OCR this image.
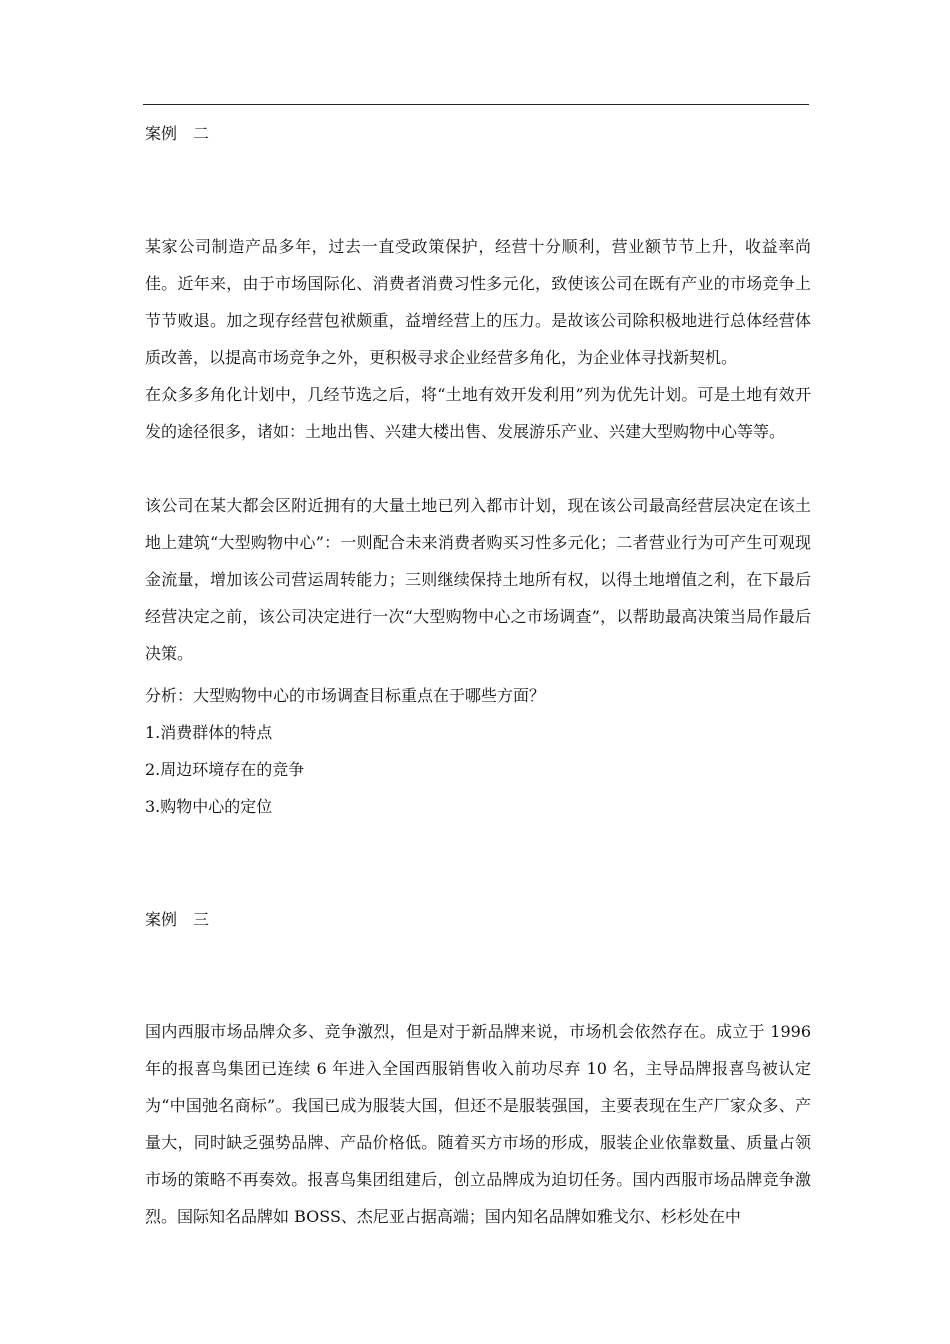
案例　二

某家公司制造产品多年，过去一直受政策保护，经营十分顺利，营业额节节上升，收益率尚佳。近年来，由于市场国际化、消费者消费习性多元化，致使该公司在既有产业的市场竞争上节节败退。加之现存经营包袱颇重，益增经营上的压力。是故该公司除积极地进行总体经营体质改善，以提高市场竞争之外，更积极寻求企业经营多角化，为企业体寻找新契机。

在众多多角化计划中，几经节选之后，将“土地有效开发利用”列为优先计划。可是土地有效开发的途径很多，诸如：土地出售、兴建大楼出售、发展游乐产业、兴建大型购物中心等等。

该公司在某大都会区附近拥有的大量土地已列入都市计划，现在该公司最高经营层决定在该土地上建筑“大型购物中心”：一则配合未来消费者购买习性多元化；二者营业行为可产生可观现金流量，增加该公司营运周转能力；三则继续保持土地所有权，以得土地增值之利，在下最后经营决定之前，该公司决定进行一次“大型购物中心之市场调查”，以帮助最高决策当局作最后决策。

分析：大型购物中心的市场调查目标重点在于哪些方面？
1.消费群体的特点
2.周边环境存在的竞争
3.购物中心的定位
案例　三

国内西服市场品牌众多、竞争激烈，但是对于新品牌来说，市场机会依然存在。成立于 1996 年的报喜鸟集团已连续 6 年进入全国西服销售收入前功尽弃 10 名，主导品牌报喜鸟被认定为“中国弛名商标”。我国已成为服装大国，但还不是服装强国，主要表现在生产厂家众多、产量大，同时缺乏强势品牌、产品价格低。随着买方市场的形成，服装企业依靠数量、质量占领市场的策略不再奏效。报喜鸟集团组建后，创立品牌成为迫切任务。国内西服市场品牌竞争激烈。国际知名品牌如 BOSS、杰尼亚占据高端；国内知名品牌如雅戈尔、杉杉处在中
